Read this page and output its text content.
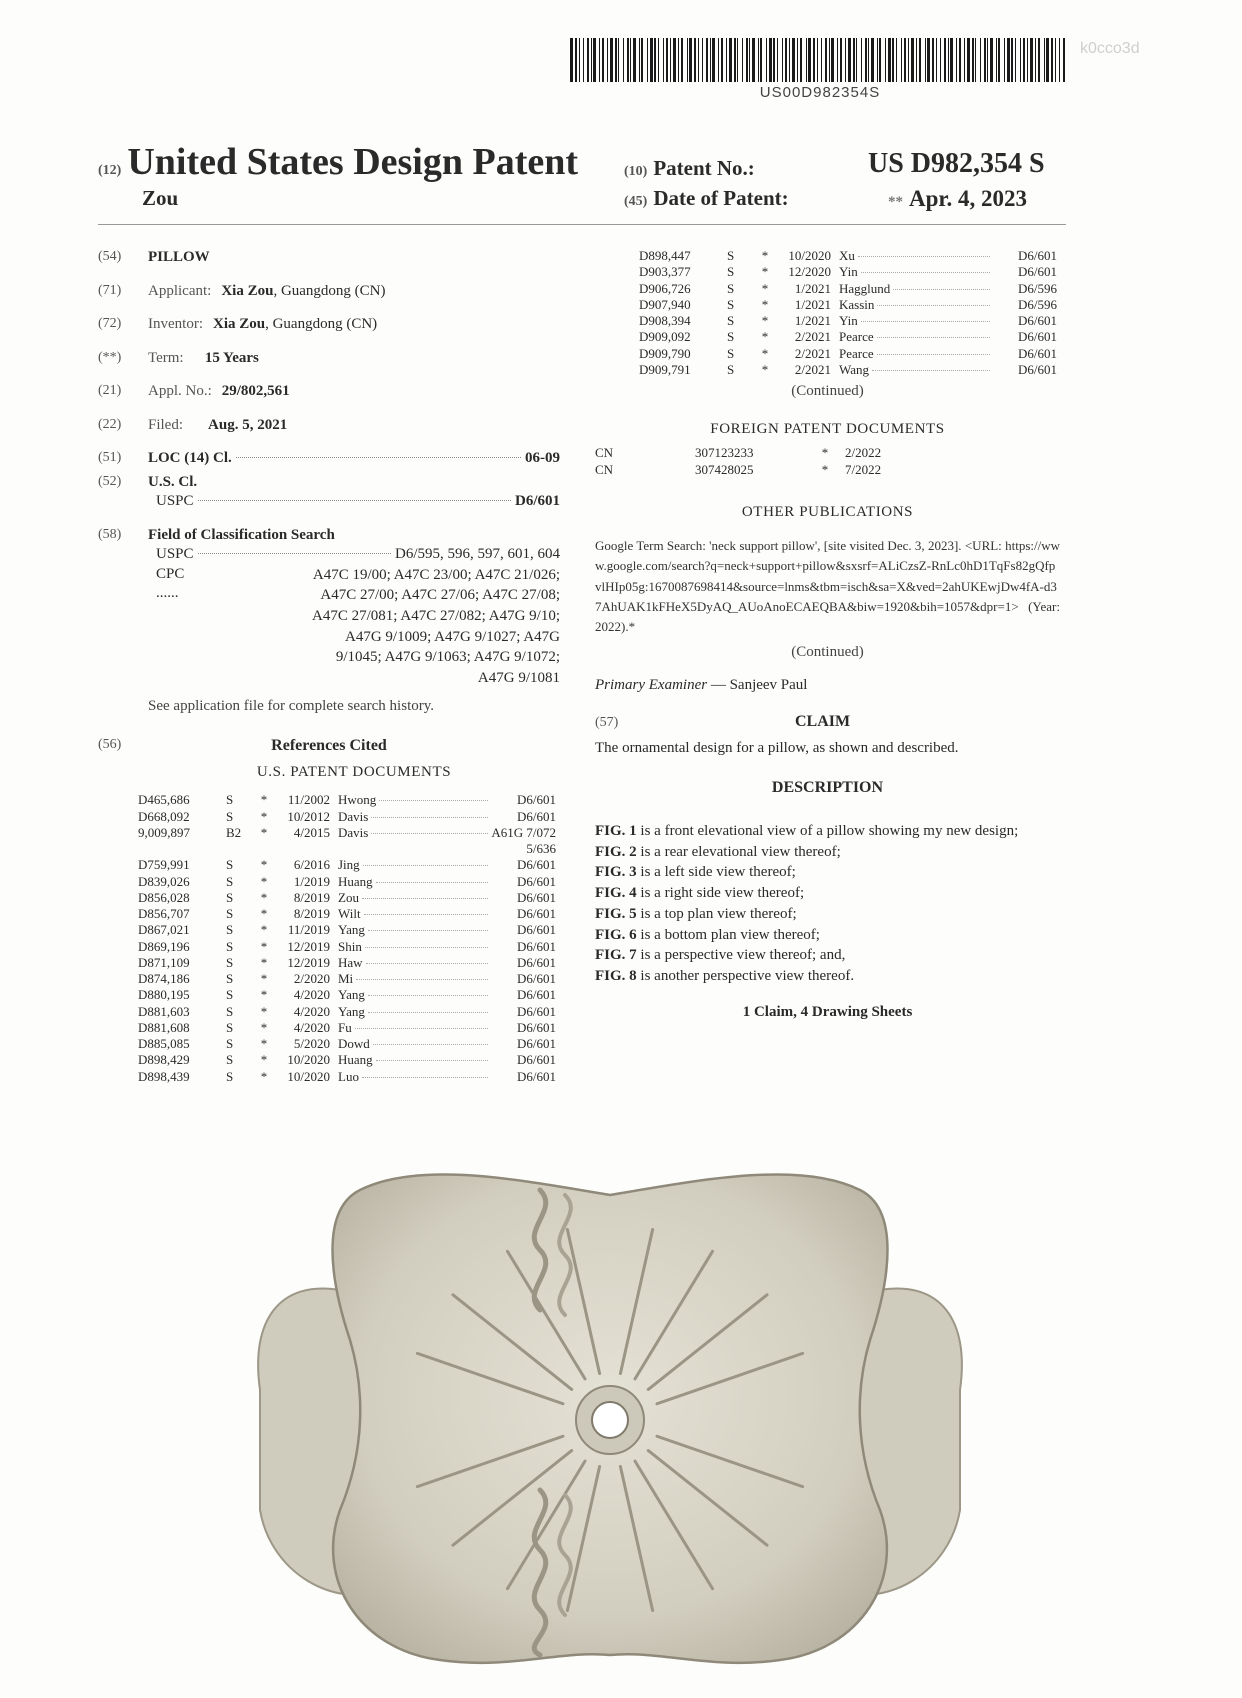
US00D982354S
k0cco3d
(12) United States Design Patent
Zou
(10) Patent No.:	US D982,354 S
(45) Date of Patent:	** Apr. 4, 2023
(54)	PILLOW
(71)	Applicant: Xia Zou, Guangdong (CN)
(72)	Inventor: Xia Zou, Guangdong (CN)
(**)	Term: 15 Years
(21)	Appl. No.: 29/802,561
(22)	Filed: Aug. 5, 2021
(51)	LOC (14) Cl.	06-09
(52)	U.S. Cl.
USPC	D6/601
(58)	Field of Classification Search
USPC	D6/595, 596, 597, 601, 604
CPC ......
A47C 19/00; A47C 23/00; A47C 21/026;
A47C 27/00; A47C 27/06; A47C 27/08;
A47C 27/081; A47C 27/082; A47G 9/10;
A47G 9/1009; A47G 9/1027; A47G
9/1045; A47G 9/1063; A47G 9/1072;
A47G 9/1081
See application file for complete search history.
(56)	References Cited
U.S. PATENT DOCUMENTS
D465,686	S	*	11/2002	Hwong	D6/601
D668,092	S	*	10/2012	Davis	D6/601
9,009,897	B2	*	4/2015	Davis	A61G 7/072

	5/636
D759,991	S	*	6/2016	Jing	D6/601
D839,026	S	*	1/2019	Huang	D6/601
D856,028	S	*	8/2019	Zou	D6/601
D856,707	S	*	8/2019	Wilt	D6/601
D867,021	S	*	11/2019	Yang	D6/601
D869,196	S	*	12/2019	Shin	D6/601
D871,109	S	*	12/2019	Haw	D6/601
D874,186	S	*	2/2020	Mi	D6/601
D880,195	S	*	4/2020	Yang	D6/601
D881,603	S	*	4/2020	Yang	D6/601
D881,608	S	*	4/2020	Fu	D6/601
D885,085	S	*	5/2020	Dowd	D6/601
D898,429	S	*	10/2020	Huang	D6/601
D898,439	S	*	10/2020	Luo	D6/601
D898,447	S	*	10/2020	Xu	D6/601
D903,377	S	*	12/2020	Yin	D6/601
D906,726	S	*	1/2021	Hagglund	D6/596
D907,940	S	*	1/2021	Kassin	D6/596
D908,394	S	*	1/2021	Yin	D6/601
D909,092	S	*	2/2021	Pearce	D6/601
D909,790	S	*	2/2021	Pearce	D6/601
D909,791	S	*	2/2021	Wang	D6/601
(Continued)
FOREIGN PATENT DOCUMENTS
CN	307123233	*	2/2022
CN	307428025	*	7/2022
OTHER PUBLICATIONS
Google Term Search: 'neck support pillow', [site visited Dec. 3, 2023]. <URL: https://www.google.com/search?q=neck+support+pillow&sxsrf=ALiCzsZ-RnLc0hD1TqFs82gQfpvlHIp05g:1670087698414&source=lnms&tbm=isch&sa=X&ved=2ahUKEwjDw4fA-d37AhUAK1kFHeX5DyAQ_AUoAnoECAEQBA&biw=1920&bih=1057&dpr=1> (Year: 2022).*
(Continued)
Primary Examiner — Sanjeev Paul
(57)	CLAIM
The ornamental design for a pillow, as shown and described.
DESCRIPTION
FIG. 1 is a front elevational view of a pillow showing my new design;
FIG. 2 is a rear elevational view thereof;
FIG. 3 is a left side view thereof;
FIG. 4 is a right side view thereof;
FIG. 5 is a top plan view thereof;
FIG. 6 is a bottom plan view thereof;
FIG. 7 is a perspective view thereof; and,
FIG. 8 is another perspective view thereof.
1 Claim, 4 Drawing Sheets
